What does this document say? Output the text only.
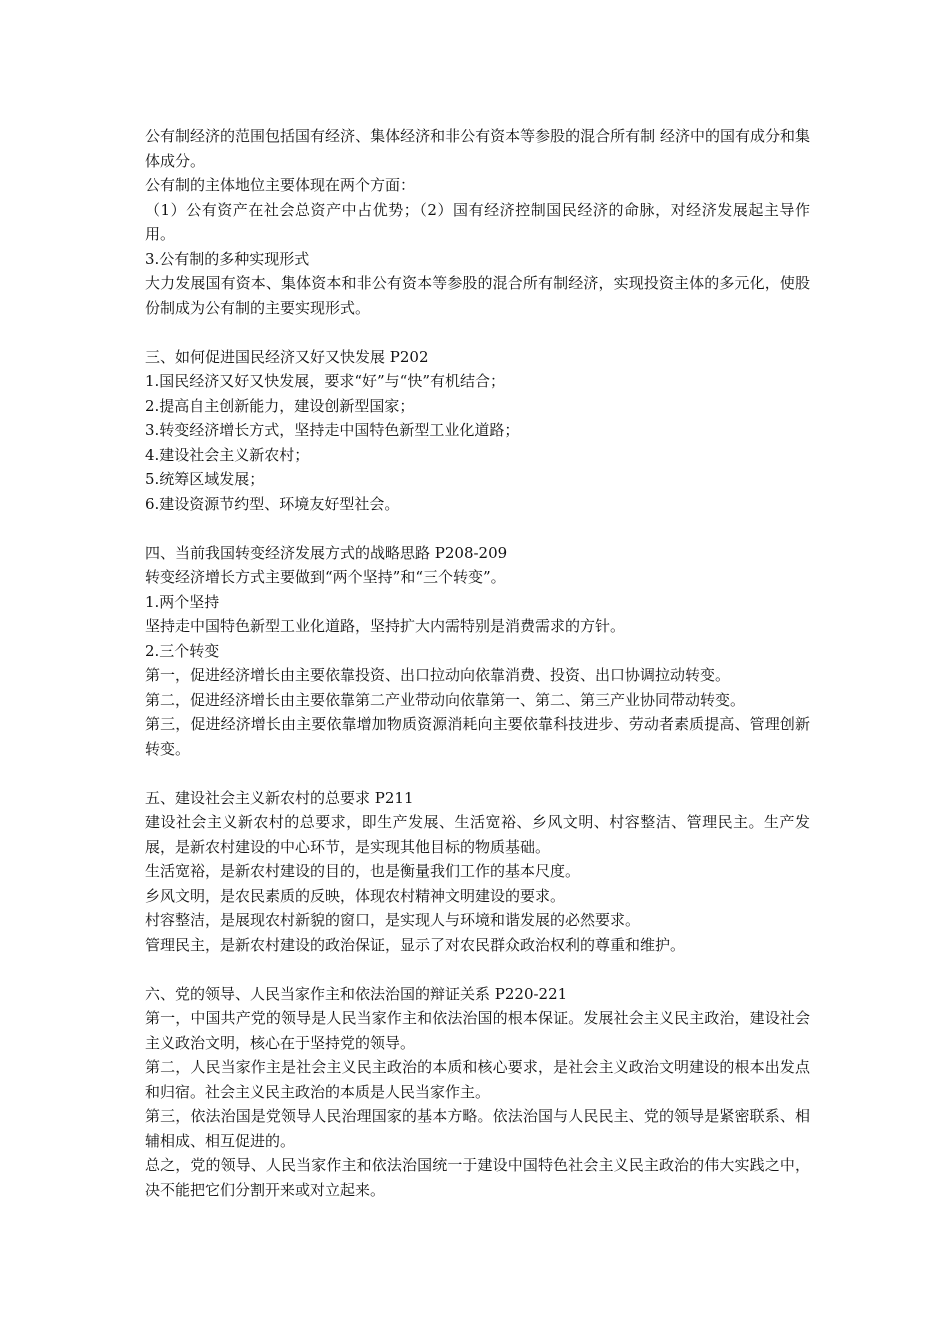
公有制经济的范围包括国有经济、集体经济和非公有资本等参股的混合所有制 经济中的国有成分和集体成分。

公有制的主体地位主要体现在两个方面：

（1）公有资产在社会总资产中占优势；（2）国有经济控制国民经济的命脉，对经济发展起主导作用。

3.公有制的多种实现形式

大力发展国有资本、集体资本和非公有资本等参股的混合所有制经济，实现投资主体的多元化，使股份制成为公有制的主要实现形式。

三、如何促进国民经济又好又快发展 P202

1.国民经济又好又快发展，要求“好”与“快”有机结合；

2.提高自主创新能力，建设创新型国家；

3.转变经济增长方式，坚持走中国特色新型工业化道路；

4.建设社会主义新农村；

5.统筹区域发展；

6.建设资源节约型、环境友好型社会。

四、当前我国转变经济发展方式的战略思路 P208-209

转变经济增长方式主要做到“两个坚持”和“三个转变”。

1.两个坚持

坚持走中国特色新型工业化道路，坚持扩大内需特别是消费需求的方针。

2.三个转变

第一，促进经济增长由主要依靠投资、出口拉动向依靠消费、投资、出口协调拉动转变。

第二，促进经济增长由主要依靠第二产业带动向依靠第一、第二、第三产业协同带动转变。

第三，促进经济增长由主要依靠增加物质资源消耗向主要依靠科技进步、劳动者素质提高、管理创新转变。

五、建设社会主义新农村的总要求 P211

建设社会主义新农村的总要求，即生产发展、生活宽裕、乡风文明、村容整洁、管理民主。生产发展，是新农村建设的中心环节，是实现其他目标的物质基础。

生活宽裕，是新农村建设的目的，也是衡量我们工作的基本尺度。

乡风文明，是农民素质的反映，体现农村精神文明建设的要求。

村容整洁，是展现农村新貌的窗口，是实现人与环境和谐发展的必然要求。

管理民主，是新农村建设的政治保证，显示了对农民群众政治权利的尊重和维护。

六、党的领导、人民当家作主和依法治国的辩证关系 P220-221

第一，中国共产党的领导是人民当家作主和依法治国的根本保证。发展社会主义民主政治，建设社会主义政治文明，核心在于坚持党的领导。

第二，人民当家作主是社会主义民主政治的本质和核心要求，是社会主义政治文明建设的根本出发点和归宿。社会主义民主政治的本质是人民当家作主。

第三，依法治国是党领导人民治理国家的基本方略。依法治国与人民民主、党的领导是紧密联系、相辅相成、相互促进的。

总之，党的领导、人民当家作主和依法治国统一于建设中国特色社会主义民主政治的伟大实践之中，决不能把它们分割开来或对立起来。
